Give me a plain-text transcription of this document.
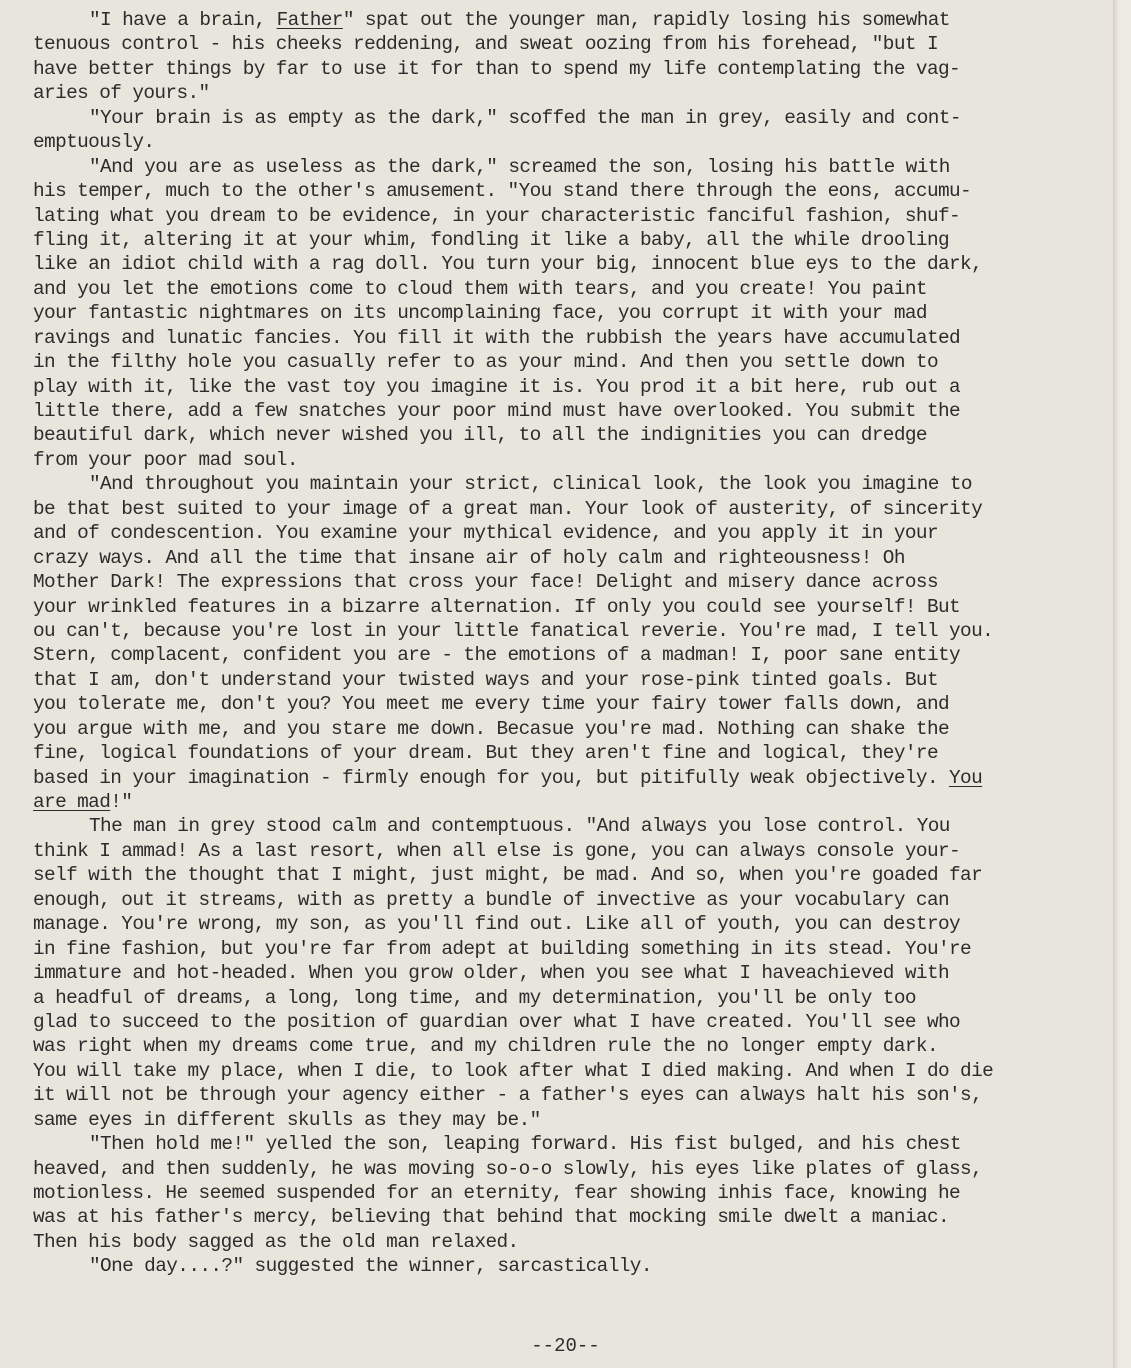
"I have a brain, Father" spat out the younger man, rapidly losing his somewhat
tenuous control - his cheeks reddening, and sweat oozing from his forehead, "but I
have better things by far to use it for than to spend my life contemplating the vag-
aries of yours."
"Your brain is as empty as the dark," scoffed the man in grey, easily and cont-
emptuously.
"And you are as useless as the dark," screamed the son, losing his battle with
his temper, much to the other's amusement. "You stand there through the eons, accumu-
lating what you dream to be evidence, in your characteristic fanciful fashion, shuf-
fling it, altering it at your whim, fondling it like a baby, all the while drooling
like an idiot child with a rag doll. You turn your big, innocent blue eys to the dark,
and you let the emotions come to cloud them with tears, and you create! You paint
your fantastic nightmares on its uncomplaining face, you corrupt it with your mad
ravings and lunatic fancies. You fill it with the rubbish the years have accumulated
in the filthy hole you casually refer to as your mind. And then you settle down to
play with it, like the vast toy you imagine it is. You prod it a bit here, rub out a
little there, add a few snatches your poor mind must have overlooked. You submit the
beautiful dark, which never wished you ill, to all the indignities you can dredge
from your poor mad soul.
"And throughout you maintain your strict, clinical look, the look you imagine to
be that best suited to your image of a great man. Your look of austerity, of sincerity
and of condescention. You examine your mythical evidence, and you apply it in your
crazy ways. And all the time that insane air of holy calm and righteousness! Oh
Mother Dark! The expressions that cross your face! Delight and misery dance across
your wrinkled features in a bizarre alternation. If only you could see yourself! But
ou can't, because you're lost in your little fanatical reverie. You're mad, I tell you.
Stern, complacent, confident you are - the emotions of a madman! I, poor sane entity
that I am, don't understand your twisted ways and your rose-pink tinted goals. But
you tolerate me, don't you? You meet me every time your fairy tower falls down, and
you argue with me, and you stare me down. Becasue you're mad. Nothing can shake the
fine, logical foundations of your dream. But they aren't fine and logical, they're
based in your imagination - firmly enough for you, but pitifully weak objectively. You
are mad!"
The man in grey stood calm and contemptuous. "And always you lose control. You
think I ammad! As a last resort, when all else is gone, you can always console your-
self with the thought that I might, just might, be mad. And so, when you're goaded far
enough, out it streams, with as pretty a bundle of invective as your vocabulary can
manage. You're wrong, my son, as you'll find out. Like all of youth, you can destroy
in fine fashion, but you're far from adept at building something in its stead. You're
immature and hot-headed. When you grow older, when you see what I haveachieved with
a headful of dreams, a long, long time, and my determination, you'll be only too
glad to succeed to the position of guardian over what I have created. You'll see who
was right when my dreams come true, and my children rule the no longer empty dark.
You will take my place, when I die, to look after what I died making. And when I do die
it will not be through your agency either - a father's eyes can always halt his son's,
same eyes in different skulls as they may be."
"Then hold me!" yelled the son, leaping forward. His fist bulged, and his chest
heaved, and then suddenly, he was moving so-o-o slowly, his eyes like plates of glass,
motionless. He seemed suspended for an eternity, fear showing inhis face, knowing he
was at his father's mercy, believing that behind that mocking smile dwelt a maniac.
Then his body sagged as the old man relaxed.
"One day....?" suggested the winner, sarcastically.
--20--
